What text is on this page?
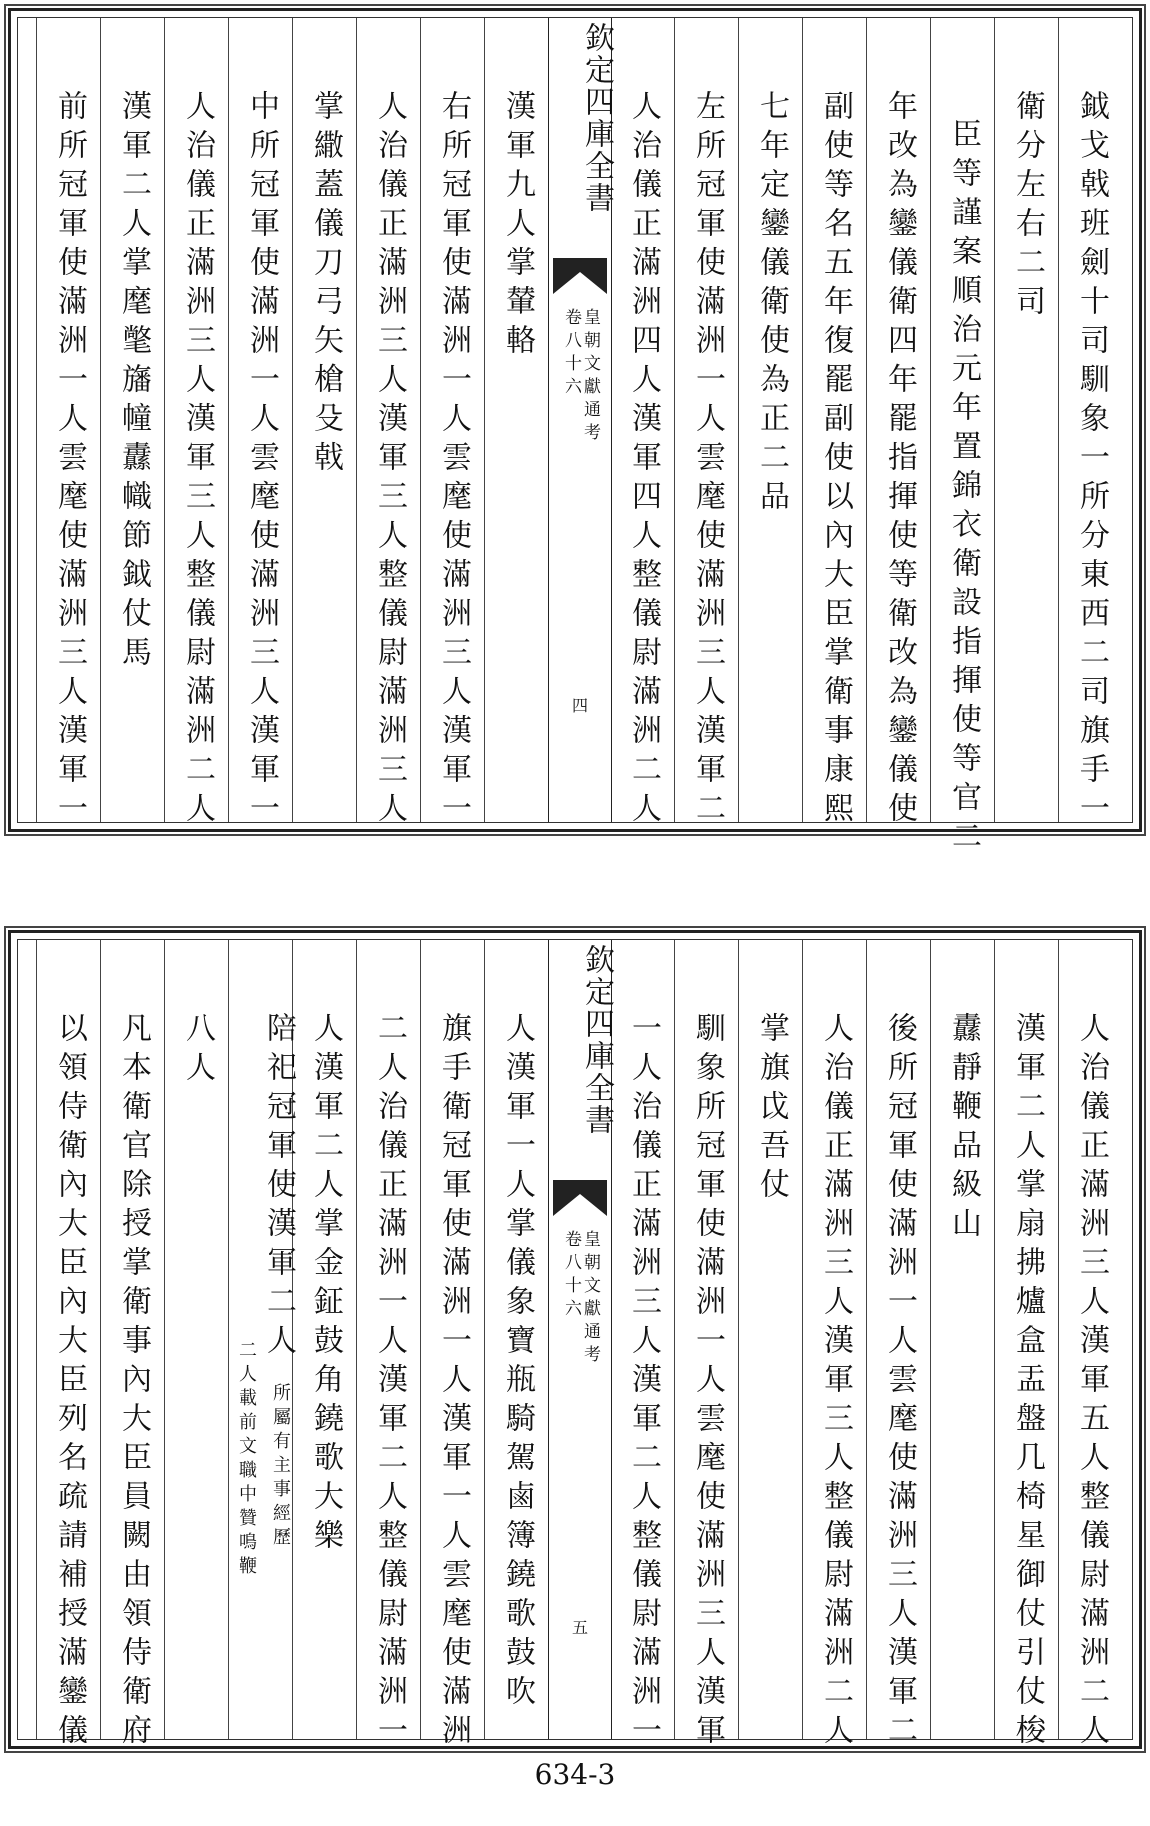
鉞戈戟班劍十司馴象一所分東西二司旗手一
衛分左右二司
臣等謹案順治元年置錦衣衛設指揮使等官二
年改為鑾儀衛四年罷指揮使等衛改為鑾儀使
副使等名五年復罷副使以內大臣掌衛事康熙
七年定鑾儀衛使為正二品
左所冠軍使滿洲一人雲麾使滿洲三人漢軍二
人治儀正滿洲四人漢軍四人整儀尉滿洲二人
欽定四庫全書
皇朝文獻通考
卷八十六
四
漢軍九人掌輦輅
右所冠軍使滿洲一人雲麾使滿洲三人漢軍一
人治儀正滿洲三人漢軍三人整儀尉滿洲三人
掌繖蓋儀刀弓矢槍殳戟
中所冠軍使滿洲一人雲麾使滿洲三人漢軍一
人治儀正滿洲三人漢軍三人整儀尉滿洲二人
漢軍二人掌麾氅旛幢纛幟節鉞仗馬
前所冠軍使滿洲一人雲麾使滿洲三人漢軍一
人治儀正滿洲三人漢軍五人整儀尉滿洲二人
漢軍二人掌扇拂爐盒盂盤几椅星御仗引仗梭
纛靜鞭品級山
後所冠軍使滿洲一人雲麾使滿洲三人漢軍二
人治儀正滿洲三人漢軍三人整儀尉滿洲二人
掌旗戉吾仗
馴象所冠軍使滿洲一人雲麾使滿洲三人漢軍
一人治儀正滿洲三人漢軍二人整儀尉滿洲一
欽定四庫全書
皇朝文獻通考
卷八十六
五
人漢軍一人掌儀象寶瓶騎駕鹵簿鐃歌鼓吹
旗手衛冠軍使滿洲一人漢軍一人雲麾使滿洲
二人治儀正滿洲一人漢軍二人整儀尉滿洲一
人漢軍二人掌金鉦鼓角鐃歌大樂
陪祀冠軍使漢軍二人
所屬有主事經歷
二人載前文職中贊鳴鞭
八人
凡本衛官除授掌衛事內大臣員闕由領侍衛府
以領侍衛內大臣內大臣列名疏請補授滿鑾儀
634-3
